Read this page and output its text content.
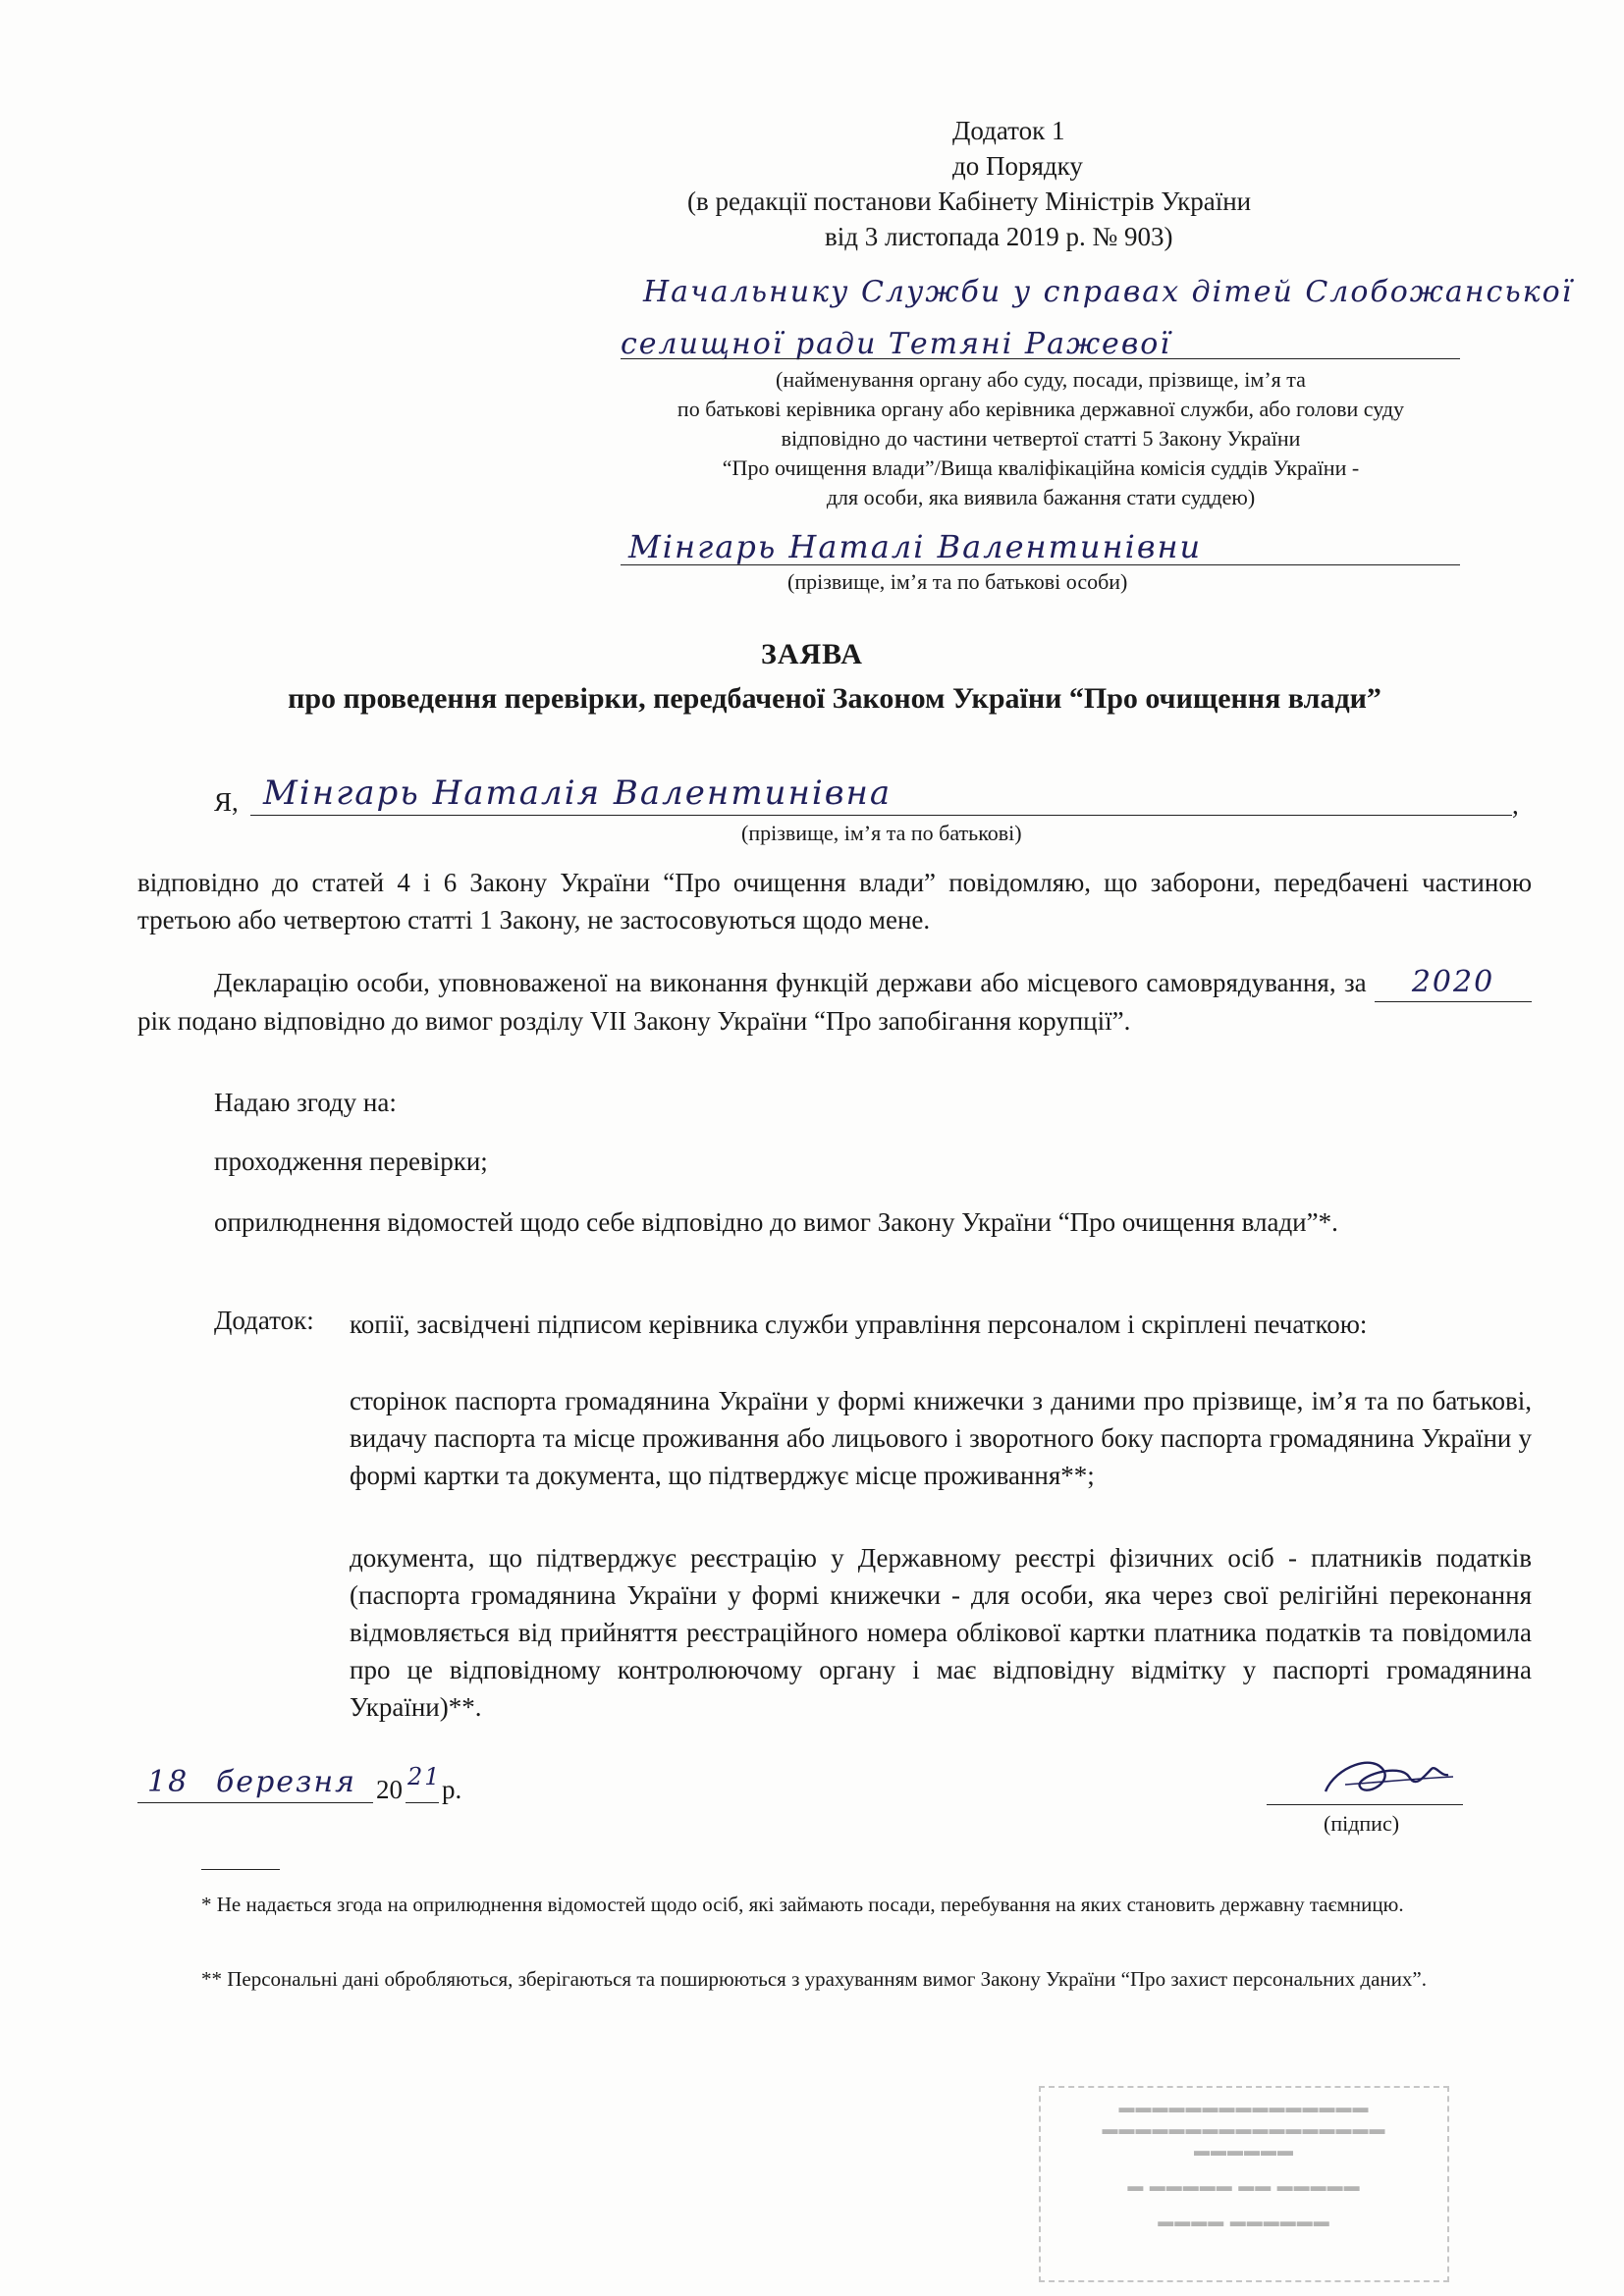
Додаток 1
до Порядку
(в редакції постанови Кабінету Міністрів України
від 3 листопада 2019 р. № 903)
Начальнику Служби у справах дітей Слобожанської
селищної ради Тетяні Ражевої
(найменування органу або суду, посади, прізвище, ім’я та
по батькові керівника органу або керівника державної служби, або голови суду
відповідно до частини четвертої статті 5 Закону України
“Про очищення влади”/Вища кваліфікаційна комісія суддів України -
для особи, яка виявила бажання стати суддею)
Мінгарь Наталі Валентинівни
(прізвище, ім’я та по батькові особи)
ЗАЯВА
про проведення перевірки, передбаченої Законом України “Про очищення влади”
Я, Мінгарь Наталія Валентинівна	,
(прізвище, ім’я та по батькові)
відповідно до статей 4 і 6 Закону України “Про очищення влади” повідомляю, що заборони, передбачені частиною третьою або четвертою статті 1 Закону, не застосовуються щодо мене.
Декларацію особи, уповноваженої на виконання функцій держави або місцевого самоврядування, за 2020 рік подано відповідно до вимог розділу VII Закону України “Про запобігання корупції”.
Надаю згоду на:
проходження перевірки;
оприлюднення відомостей щодо себе відповідно до вимог Закону України “Про очищення влади”*.
Додаток: копії, засвідчені підписом керівника служби управління персоналом і скріплені печаткою:
сторінок паспорта громадянина України у формі книжечки з даними про прізвище, ім’я та по батькові, видачу паспорта та місце проживання або лицьового і зворотного боку паспорта громадянина України у формі картки та документа, що підтверджує місце проживання**;
документа, що підтверджує реєстрацію у Державному реєстрі фізичних осіб - платників податків (паспорта громадянина України у формі книжечки - для особи, яка через свої релігійні переконання відмовляється від прийняття реєстраційного номера облікової картки платника податків та повідомила про це відповідному контролюючому органу і має відповідну відмітку у паспорті громадянина України)**.
18 березня 20 21 р.
(підпис)
* Не надається згода на оприлюднення відомостей щодо осіб, які займають посади, перебування на яких становить державну таємницю.
** Персональні дані обробляються, зберігаються та поширюються з урахуванням вимог Закону України “Про захист персональних даних”.
▬▬▬▬▬▬▬▬▬▬▬▬▬▬▬
▬▬▬▬▬▬▬▬▬▬▬▬▬▬▬▬▬
▬▬▬▬▬▬
▬ ▬▬▬▬▬ ▬▬ ▬▬▬▬▬
▬▬▬▬ ▬▬▬▬▬▬
